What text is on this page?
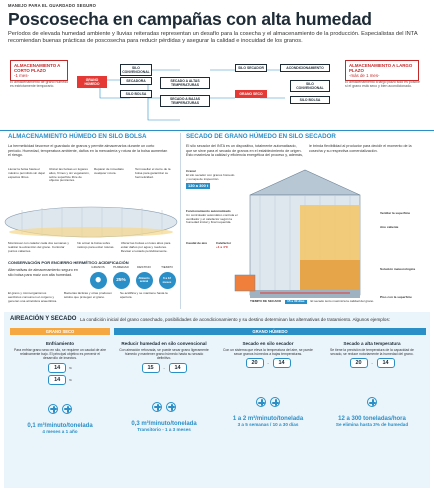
MANEJO PARA EL GUARDADO SEGURO
Poscosecha en campañas con alta humedad
Períodos de elevada humedad ambiente y lluvias reiteradas representan un desafío para la cosecha y el almacenamiento de la producción. Especialistas del INTA recomiendan buenas prácticas de poscosecha para reducir pérdidas y asegurar la calidad e inocuidad de los granos.
ALMACENAMIENTO A CORTO PLAZO
-1 mes-
El almacenamiento de grano húmedo es estrictamente temporario.
ALMACENAMIENTO A LARGO PLAZO
-más de 1 mes-
El almacenamiento a largo plazo solo es posible si el grano está seco y bien acondicionado.
GRANO HÚMEDO
SILO CONVENCIONAL
SILO BOLSA
SECADORA	SECADO A ALTAS TEMPERATURAS
SECADO A BAJAS TEMPERATURAS
SILO SECADOR
GRANO SECO
ACONDICIONAMIENTO
SILO CONVENCIONAL
SILO BOLSA
ALMACENAMIENTO HÚMEDO EN SILO BOLSA
La hermeticidad favorece el guardado de granos y permite almacenarlos durante un corto período. Humedad, temperatura ambiente, daños en la mercadería y rotura de la bolsa aumentan el riesgo.
Llenar la bolsa hasta el máximo permitido sin dejar espacios libres.
Ubicar las bolsas en lugares altos, firmes y sin vegetación, sobre superficie libre de objetos punzantes.
Reparar de inmediato cualquier rotura.
Termosellar el cierre de la bolsa para garantizar su hermeticidad.
Monitorear con calador cada dos semanas y realizar la extracción del grano. Controlar puntos calientes.
No armar la bolsa sobre rastrojo para evitar roturas.
Ubicar las bolsas en lotes altos para evitar daños por agua y roedores. Revisar el estado periódicamente.
CONSERVACIÓN POR ENCIERRO HERMÉTICO ACIDIFICACIÓN
Alternativas de almacenamiento seguro en silo bolsa para maíz con alta humedad.
GRANOS
⬤
HUMEDAD
25%
DESTINO
Alimento animal
TIEMPO
6 a 12 meses
El grano y microorganismos aeróbicos consumen el oxígeno y generan una atmósfera anaeróbica.
Bacterias lácticas y otras producen ácidos que protegen el grano.
Se acidifica y se mantiene hasta la apertura.
SECADO DE GRANO HÚMEDO EN SILO SECADOR
El silo secador del INTA es un dispositivo, totalmente automatizado, que se sirve para el secado de granos en el establecimiento de origen. Esto maximiza la calidad y eficiencia energética del proceso y, además, le brinda flexibilidad al productor para decidir el momento de la cosecha y su respectiva comercialización.
Cranal
El silo secador con granos húmedo y su tapa de inspección.
130 a 300 t
Funcionamiento automatizado
Un controlador automático controla el ventilador y el calefactor según la humedad inicial y final requerida.
Caudal de aire	Calefactor
+1 a 4°C
Ventilar la superficie
Aire caliente
Solución meteorológica
Piso con la superficie
TIEMPO DE SECADO	15 a 30 días	El secado lento maximiza la calidad del grano.
AIREACIÓN Y SECADO La condición inicial del grano cosechado, posibilidades de acondicionamiento y su destino determinan las alternativas de tratamiento. Algunos ejemplos:
GRANO SECO	GRANO HÚMEDO
Enfriamiento
Para enfriar grano seco en silo, se requiere un caudal de aire relativamente bajo. El principal objetivo es prevenir el desarrollo de insectos.
14	%
14	%
0,1 m³/minuto/tonelada
4 meses a 1 año
Reducir humedad en silo convencional
Con aireación reforzada, se puede secar grano ligeramente húmedo y mantener grano húmedo hasta su secado definitivo.
15	→	14
0,3 m³/minuto/tonelada
Transitorio - 1 a 3 meses
Secado en silo secador
Con un sistema que eleva la temperatura del aire, se puede secar granos húmedos a bajas temperaturas.
20	→	14
1 a 2 m³/minuto/tonelada
3 a 5 semanas / 10 a 30 días
Secado a alta temperatura
Se tiene la precisión de temperatura de la capacidad de secado, se reduce notoriamente la humedad del grano.
20	→	14
12 a 300 toneladas/hora
Se elimina hasta 3% de humedad
